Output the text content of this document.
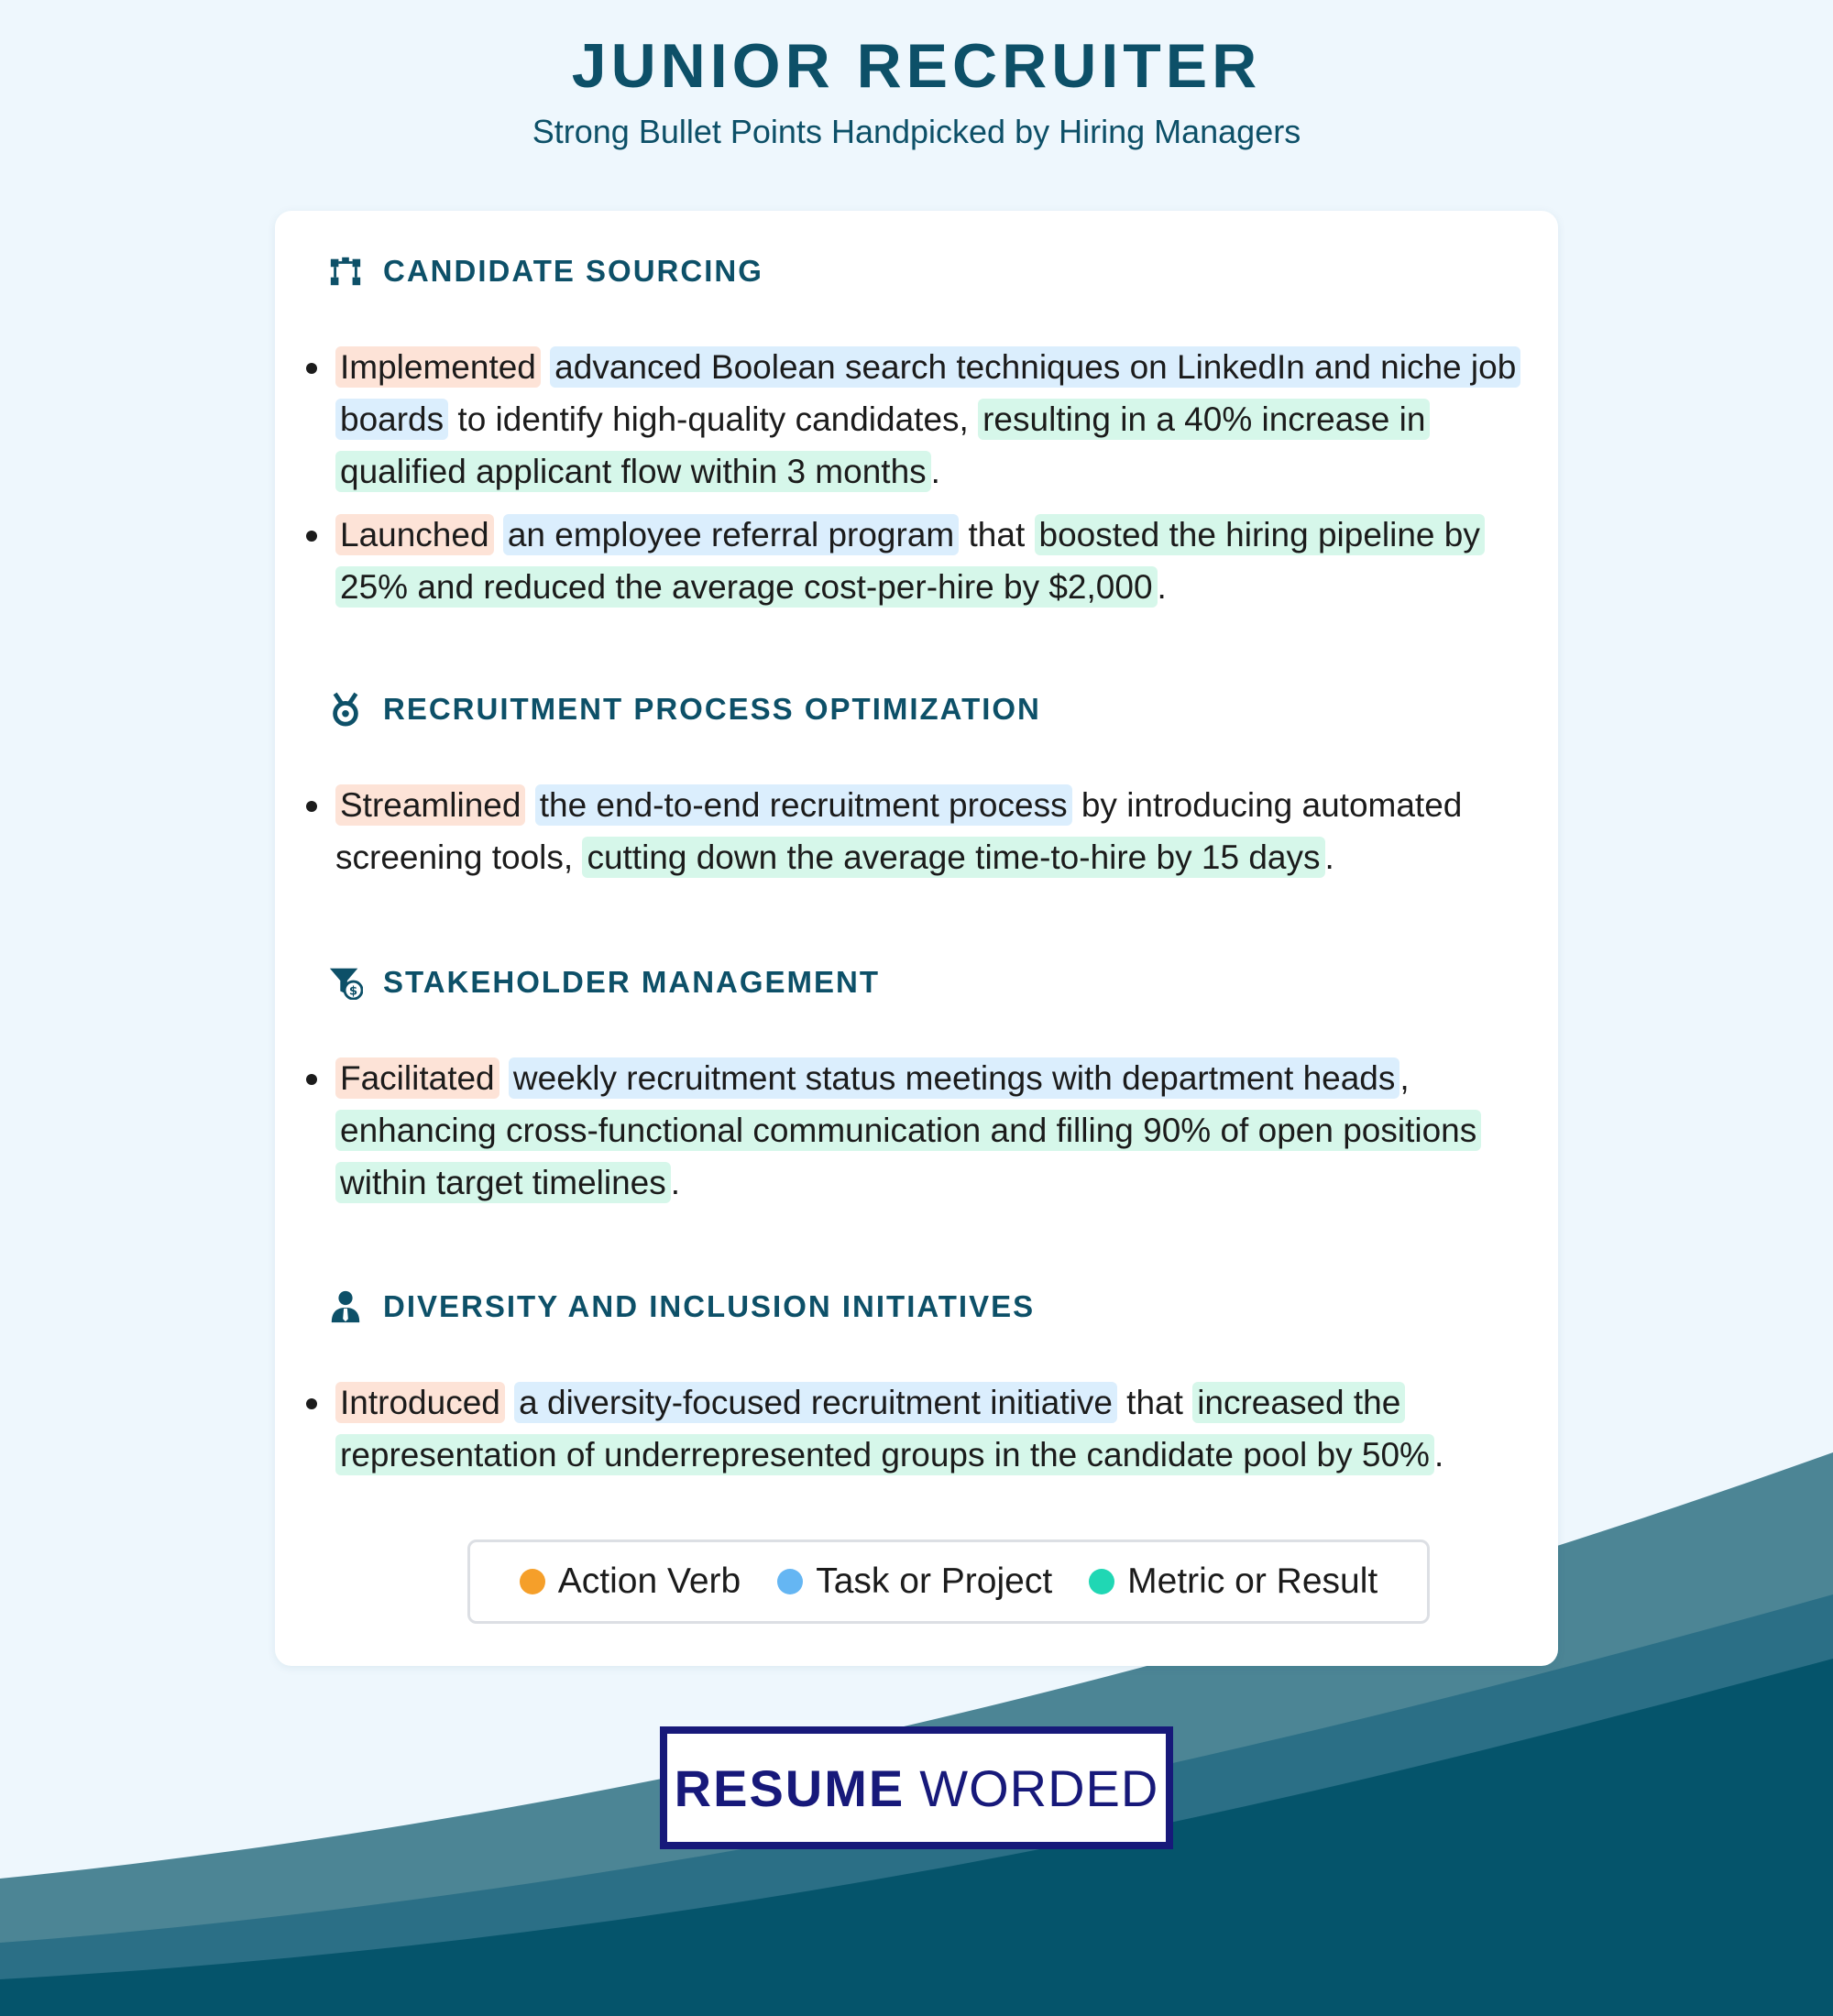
JUNIOR RECRUITER
Strong Bullet Points Handpicked by Hiring Managers
CANDIDATE SOURCING
Implemented advanced Boolean search techniques on LinkedIn and niche job boards to identify high-quality candidates, resulting in a 40% increase in qualified applicant flow within 3 months .
Launched an employee referral program that boosted the hiring pipeline by 25% and reduced the average cost-per-hire by $2,000 .
RECRUITMENT PROCESS OPTIMIZATION
Streamlined the end-to-end recruitment process by introducing automated screening tools, cutting down the average time-to-hire by 15 days .
$ STAKEHOLDER MANAGEMENT
Facilitated weekly recruitment status meetings with department heads , enhancing cross-functional communication and filling 90% of open positions within target timelines .
DIVERSITY AND INCLUSION INITIATIVES
Introduced a diversity-focused recruitment initiative that increased the representation of underrepresented groups in the candidate pool by 50% .
Action Verb Task or Project Metric or Result
RESUME WORDED
